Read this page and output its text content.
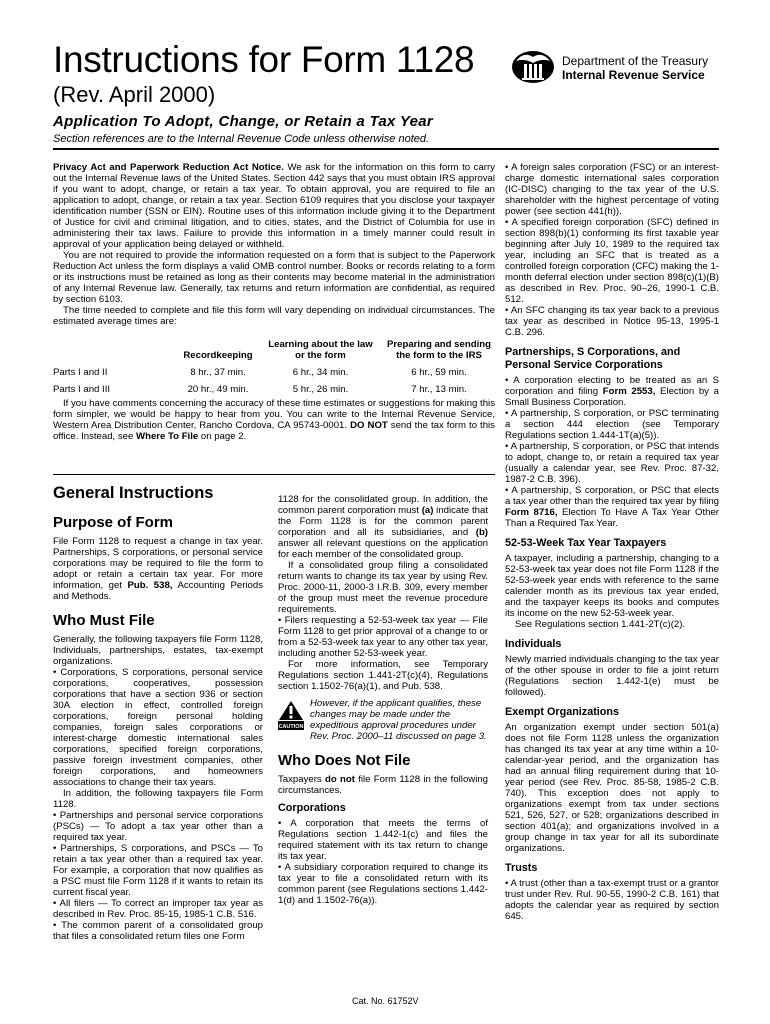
Instructions for Form 1128
(Rev. April 2000)
Application To Adopt, Change, or Retain a Tax Year
Section references are to the Internal Revenue Code unless otherwise noted.
Department of the Treasury
Internal Revenue Service

Privacy Act and Paperwork Reduction Act Notice. We ask for the information on this form to carry out the Internal Revenue laws of the United States. Section 442 says that you must obtain IRS approval if you want to adopt, change, or retain a tax year. To obtain approval, you are required to file an application to adopt, change, or retain a tax year. Section 6109 requires that you disclose your taxpayer identification number (SSN or EIN). Routine uses of this information include giving it to the Department of Justice for civil and criminal litigation, and to cities, states, and the District of Columbia for use in administering their tax laws. Failure to provide this information in a timely manner could result in approval of your application being delayed or withheld.

You are not required to provide the information requested on a form that is subject to the Paperwork Reduction Act unless the form displays a valid OMB control number. Books or records relating to a form or its instructions must be retained as long as their contents may become material in the administration of any Internal Revenue law. Generally, tax returns and return information are confidential, as required by section 6103.

The time needed to complete and file this form will vary depending on individual circumstances. The estimated average times are:

Recordkeeping
Learning about the law or the form
Preparing and sending the form to the IRS
Parts I and II	8 hr., 37 min.	6 hr., 34 min.	6 hr., 59 min.
Parts I and III	20 hr., 49 min.	5 hr., 26 min.	7 hr., 13 min.

If you have comments concerning the accuracy of these time estimates or suggestions for making this form simpler, we would be happy to hear from you. You can write to the Internal Revenue Service, Western Area Distribution Center, Rancho Cordova, CA 95743-0001. DO NOT send the tax form to this office. Instead, see Where To File on page 2.

General Instructions
Purpose of Form

File Form 1128 to request a change in tax year. Partnerships, S corporations, or personal service corporations may be required to file the form to adopt or retain a certain tax year. For more information, get Pub. 538, Accounting Periods and Methods.

Who Must File

Generally, the following taxpayers file Form 1128, Individuals, partnerships, estates, tax-exempt organizations.

• Corporations, S corporations, personal service corporations, cooperatives, possession corporations that have a section 936 or section 30A election in effect, controlled foreign corporations, foreign personal holding companies, foreign sales corporations or interest-charge domestic international sales corporations, specified foreign corporations, passive foreign investment companies, other foreign corporations, and homeowners associations to change their tax years.

In addition, the following taxpayers file Form 1128.

• Partnerships and personal service corporations (PSCs) — To adopt a tax year other than a required tax year.

• Partnerships, S corporations, and PSCs — To retain a tax year other than a required tax year. For example, a corporation that now qualifies as a PSC must file Form 1128 if it wants to retain its current fiscal year.

• All filers — To correct an improper tax year as described in Rev. Proc. 85-15, 1985-1 C.B. 516.

• The common parent of a consolidated group that files a consolidated return files one Form

1128 for the consolidated group. In addition, the common parent corporation must (a) indicate that the Form 1128 is for the common parent corporation and all its subsidiaries, and (b) answer all relevant questions on the application for each member of the consolidated group.

If a consolidated group filing a consolidated return wants to change its tax year by using Rev. Proc. 2000-11, 2000-3 I.R.B. 309, every member of the group must meet the revenue procedure requirements.

• Filers requesting a 52-53-week tax year — File Form 1128 to get prior approval of a change to or from a 52-53-week tax year to any other tax year, including another 52-53-week year.

For more information, see Temporary Regulations section 1.441-2T(c)(4), Regulations section 1.1502-76(a)(1), and Pub. 538.

CAUTION

However, if the applicant qualifies, these changes may be made under the expeditious approval procedures under Rev. Proc. 2000–11 discussed on page 3.

Who Does Not File

Taxpayers do not file Form 1128 in the following circumstances.

Corporations

• A corporation that meets the terms of Regulations section 1.442-1(c) and files the required statement with its tax return to change its tax year.

• A subsidiary corporation required to change its tax year to file a consolidated return with its common parent (see Regulations sections 1.442-1(d) and 1.1502-76(a)).

• A foreign sales corporation (FSC) or an interest-charge domestic international sales corporation (IC-DISC) changing to the tax year of the U.S. shareholder with the highest percentage of voting power (see section 441(h)).

• A specified foreign corporation (SFC) defined in section 898(b)(1) conforming its first taxable year beginning after July 10, 1989 to the required tax year, including an SFC that is treated as a controlled foreign corporation (CFC) making the 1-month deferral election under section 898(c)(1)(B) as described in Rev. Proc. 90–26, 1990-1 C.B. 512.

• An SFC changing its tax year back to a previous tax year as described in Notice 95-13, 1995-1 C.B. 296.

Partnerships, S Corporations, and Personal Service Corporations

• A corporation electing to be treated as an S corporation and filing Form 2553, Election by a Small Business Corporation.

• A partnership, S corporation, or PSC terminating a section 444 election (see Temporary Regulations section 1.444-1T(a)(5)).

• A partnership, S corporation, or PSC that intends to adopt, change to, or retain a required tax year (usually a calendar year, see Rev. Proc. 87-32, 1987-2 C.B. 396).

• A partnership, S corporation, or PSC that elects a tax year other than the required tax year by filing Form 8716, Election To Have A Tax Year Other Than a Required Tax Year.

52-53-Week Tax Year Taxpayers

A taxpayer, including a partnership, changing to a 52-53-week tax year does not file Form 1128 if the 52-53-week year ends with reference to the same calender month as its previous tax year ended, and the taxpayer keeps its books and computes its income on the new 52-53-week year.

See Regulations section 1.441-2T(c)(2).

Individuals

Newly married individuals changing to the tax year of the other spouse in order to file a joint return (Regulations section 1.442-1(e) must be followed).

Exempt Organizations

An organization exempt under section 501(a) does not file Form 1128 unless the organization has changed its tax year at any time within a 10-calendar-year period, and the organization has had an annual filing requirement during that 10-year period (see Rev. Proc. 85-58, 1985-2 C.B. 740). This exception does not apply to organizations exempt from tax under sections 521, 526, 527, or 528; organizations described in section 401(a); and organizations involved in a group change in tax year for all its subordinate organizations.

Trusts

• A trust (other than a tax-exempt trust or a grantor trust under Rev. Rul. 90-55, 1990-2 C.B. 161) that adopts the calendar year as required by section 645.

Cat. No. 61752V
